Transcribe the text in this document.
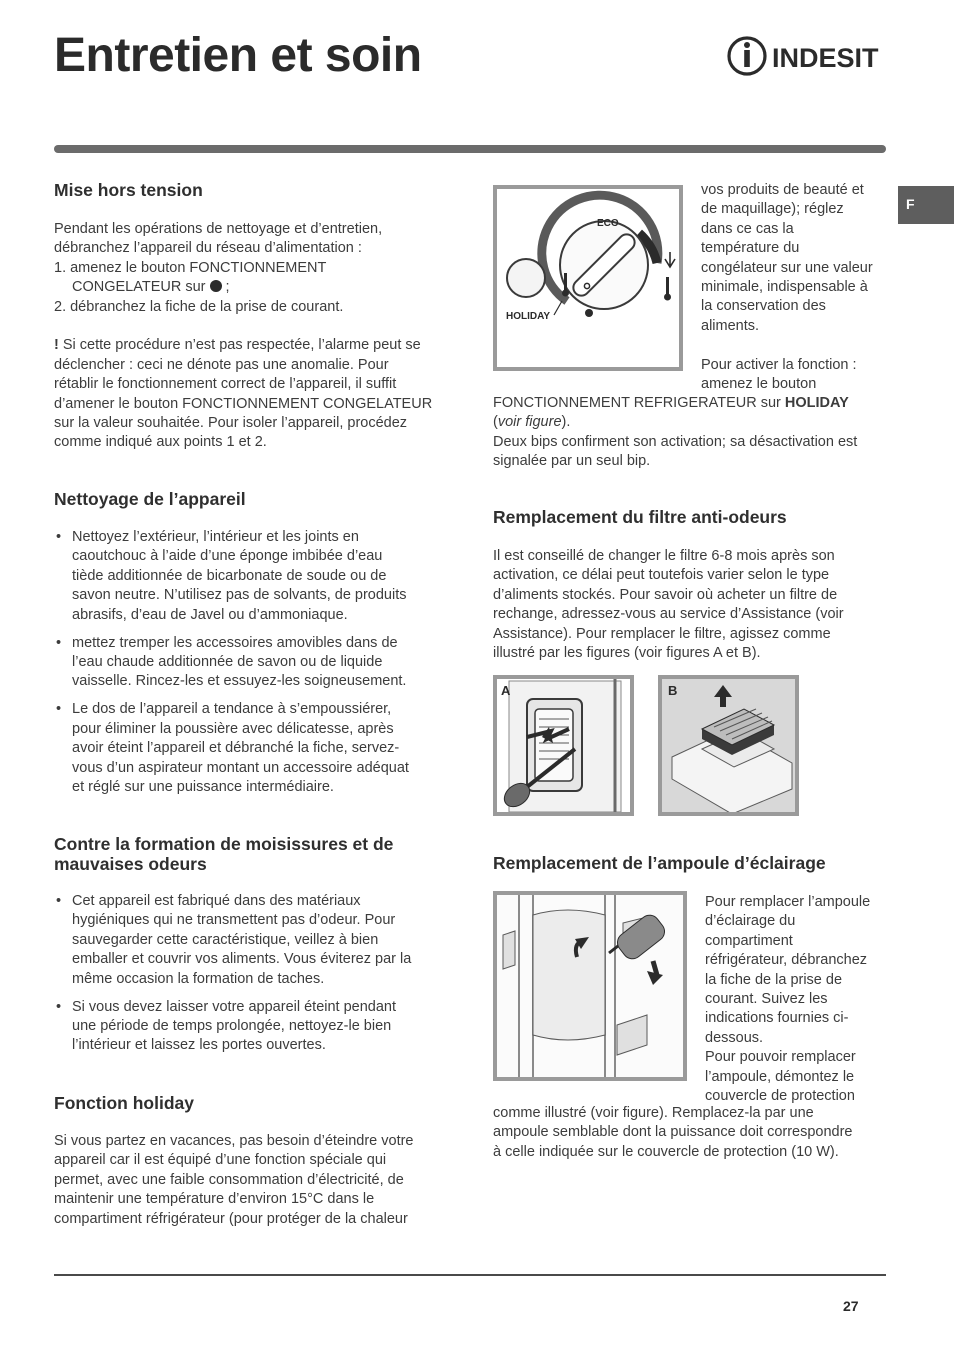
Entretien et soin	INDESIT
F
Mise hors tension
Pendant les opérations de nettoyage et d’entretien,
débranchez l’appareil du réseau d’alimentation :
1. amenez le bouton FONCTIONNEMENT
CONGELATEUR sur ;
2. débranchez la fiche de la prise de courant.
! Si cette procédure n’est pas respectée, l’alarme peut se
déclencher : ceci ne dénote pas une anomalie. Pour
rétablir le fonctionnement correct de l’appareil, il suffit
d’amener le bouton FONCTIONNEMENT CONGELATEUR
sur la valeur souhaitée. Pour isoler l’appareil, procédez
comme indiqué aux points 1 et 2.
Nettoyage de l’appareil
• Nettoyez l’extérieur, l’intérieur et les joints en
caoutchouc à l’aide d’une éponge imbibée d’eau
tiède additionnée de bicarbonate de soude ou de
savon neutre. N’utilisez pas de solvants, de produits
abrasifs, d’eau de Javel ou d’ammoniaque.
• mettez tremper les accessoires amovibles dans de
l’eau chaude additionnée de savon ou de liquide
vaisselle. Rincez-les et essuyez-les soigneusement.
• Le dos de l’appareil a tendance à s’empoussiérer,
pour éliminer la poussière avec délicatesse, après
avoir éteint l’appareil et débranché la fiche, servez-
vous d’un aspirateur montant un accessoire adéquat
et réglé sur une puissance intermédiaire.
Contre la formation de moisissures et de
mauvaises odeurs
• Cet appareil est fabriqué dans des matériaux
hygiéniques qui ne transmettent pas d’odeur. Pour
sauvegarder cette caractéristique, veillez à bien
emballer et couvrir vos aliments. Vous éviterez par la
même occasion la formation de taches.
• Si vous devez laisser votre appareil éteint pendant
une période de temps prolongée, nettoyez-le bien
l’intérieur et laissez les portes ouvertes.
Fonction holiday
Si vous partez en vacances, pas besoin d’éteindre votre
appareil car il est équipé d’une fonction spéciale qui
permet, avec une faible consommation d’électricité, de
maintenir une température d’environ 15°C dans le
compartiment réfrigérateur (pour protéger de la chaleur
ECO
HOLIDAY
vos produits de beauté et
de maquillage); réglez
dans ce cas la
température du
congélateur sur une valeur
minimale, indispensable à
la conservation des
aliments.
Pour activer la fonction :
amenez le bouton
FONCTIONNEMENT REFRIGERATEUR sur HOLIDAY
(voir figure).
Deux bips confirment son activation; sa désactivation est
signalée par un seul bip.
Remplacement du filtre anti-odeurs
Il est conseillé de changer le filtre 6-8 mois après son
activation, ce délai peut toutefois varier selon le type
d’aliments stockés. Pour savoir où acheter un filtre de
rechange, adressez-vous au service d’Assistance (voir
Assistance). Pour remplacer le filtre, agissez comme
illustré par les figures (voir figures A et B).
A	B
Remplacement de l’ampoule d’éclairage
Pour remplacer l’ampoule
d’éclairage du
compartiment
réfrigérateur, débranchez
la fiche de la prise de
courant. Suivez les
indications fournies ci-
dessous.
Pour pouvoir remplacer
l’ampoule, démontez le
couvercle de protection
comme illustré (voir figure). Remplacez-la par une
ampoule semblable dont la puissance doit correspondre
à celle indiquée sur le couvercle de protection (10 W).
27
